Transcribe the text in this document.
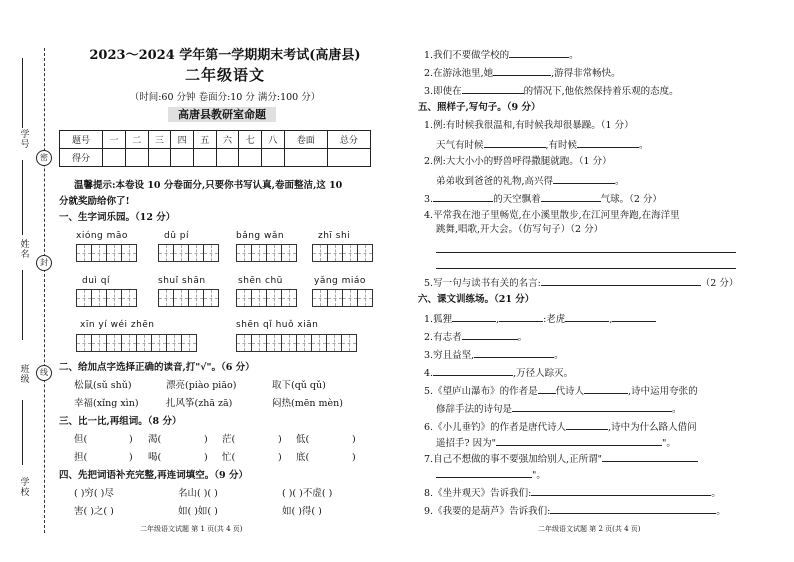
学号
姓名
班级
学校
密
封
线
2023～2024 学年第一学期期末考试(高唐县)
二年级语文
（时间:60 分钟 卷面分:10 分 满分:100 分）
高唐县教研室命题
题号	一	二	三	四	五	六	七	八	卷面	总分
得分										
温馨提示:本卷设 10 分卷面分,只要你书写认真,卷面整洁,这 10
分就奖励给你了!
一、生字词乐园。（12 分）
xióng māo	dǔ pí	bǎng wǎn	zhī shi
duì qí	shuǐ shān	shēn chū	yǎng miáo
xīn yí wéi zhēn	shēn qǐ huǒ xiān
二、给加点字选择正确的读音,打"√"。（6 分）
松鼠(sǔ shǔ)	漂亮(piào piāo)	取下(qǔ qǔ)
幸福(xǐng xìn)	扎风筝(zhā zā)	闷热(mēn mèn)
三、比一比,再组词。（8 分）
但(	) 渴(	) 茫(	) 低(	)
担(	) 喝(	) 忙(	) 底(	)
四、先把词语补充完整,再连词填空。（9 分）
( )穷( )尽	名山( )( )	( )( )不虚( )
害( )之( )	如( )如( )	如( )得( )
二年级语文试题 第 1 页(共 4 页)
1.我们不要做学校的	。
2.在游泳池里,她	,游得非常畅快。
3.即使在	的情况下,他依然保持着乐观的态度。
五、照样子,写句子。（9 分）
1.例:有时候我很温和,有时候我却很暴躁。（1 分）
天气有时候	,有时候	。
2.例:大大小小的野兽呼得撒腿就跑。（1 分）
弟弟收到爸爸的礼物,高兴得	。
3.	的天空飘着	气球。（2 分）
4.平常我在池子里畅览,在小溪里散步,在江河里奔跑,在海洋里
跳舞,唱歌,开大会。（仿写句子）（2 分）
5.写一句与读书有关的名言:	（2 分）
六、课文训练场。（21 分）
1.狐狸	,	:老虎	,
2.有志者	。
3.穷且益坚,	。
4.	,万径人踪灭。
5.《望庐山瀑布》的作者是 代诗人	,诗中运用夸张的
修辞手法的诗句是	。
6.《小儿垂钓》的作者是唐代诗人	,诗中为什么路人借问
遥招手? 因为"	"。
7.自己不想做的事不要强加给别人,正所谓"
"。
8.《坐井观天》告诉我们:	。
9.《我要的是葫芦》告诉我们:	。
二年级语文试题 第 2 页(共 4 页)
